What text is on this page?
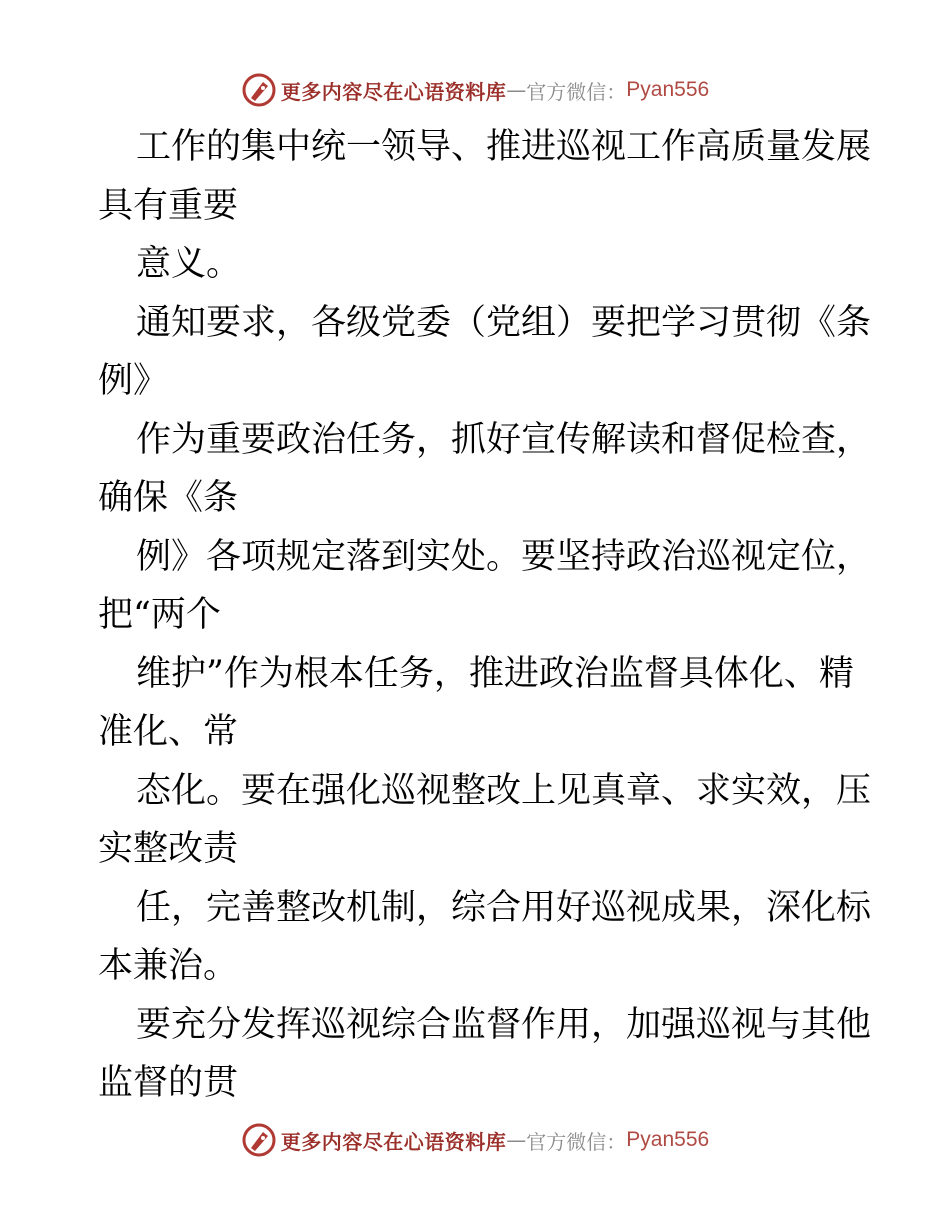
更多内容尽在心语资料库 — 官方微信： Pyan556
工作的集中统一领导、推进巡视工作高质量发展
具有重要
意义。
通知要求，各级党委（党组）要把学习贯彻《条
例》
作为重要政治任务，抓好宣传解读和督促检查，
确保《条
例》各项规定落到实处。要坚持政治巡视定位，
把“两个
维护”作为根本任务，推进政治监督具体化、精
准化、常
态化。要在强化巡视整改上见真章、求实效，压
实整改责
任，完善整改机制，综合用好巡视成果，深化标
本兼治。
要充分发挥巡视综合监督作用，加强巡视与其他
监督的贯
更多内容尽在心语资料库 — 官方微信： Pyan556
